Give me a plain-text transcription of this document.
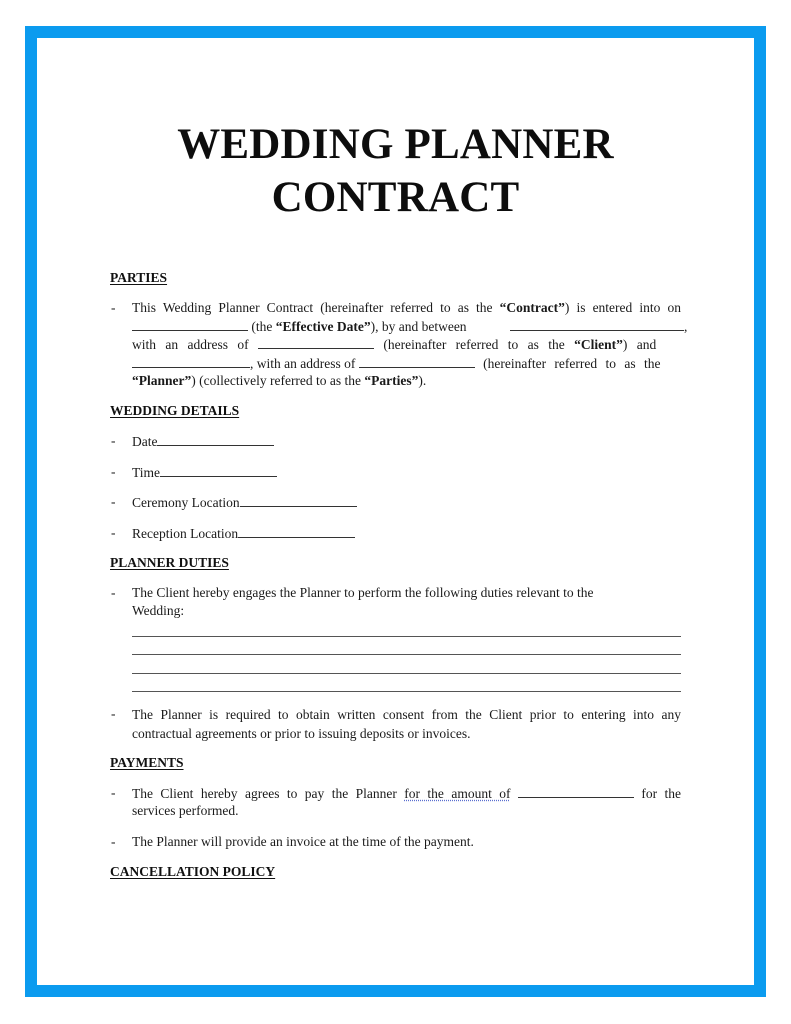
WEDDING PLANNER
CONTRACT
PARTIES
- This Wedding Planner Contract (hereinafter referred to as the “Contract”) is entered into on
(the “Effective Date”), by and between	,
with an address of	(hereinafter referred to as the “Client”) and
, with an address of	(hereinafter referred to as the
“Planner”) (collectively referred to as the “Parties”).
WEDDING DETAILS
- Date
- Time
- Ceremony Location
- Reception Location
PLANNER DUTIES
- The Client hereby engages the Planner to perform the following duties relevant to the
Wedding:
- The Planner is required to obtain written consent from the Client prior to entering into any contractual agreements or prior to issuing deposits or invoices.
PAYMENTS
- The Client hereby agrees to pay the Planner for the amount of	for the
services performed.
- The Planner will provide an invoice at the time of the payment.
CANCELLATION POLICY
